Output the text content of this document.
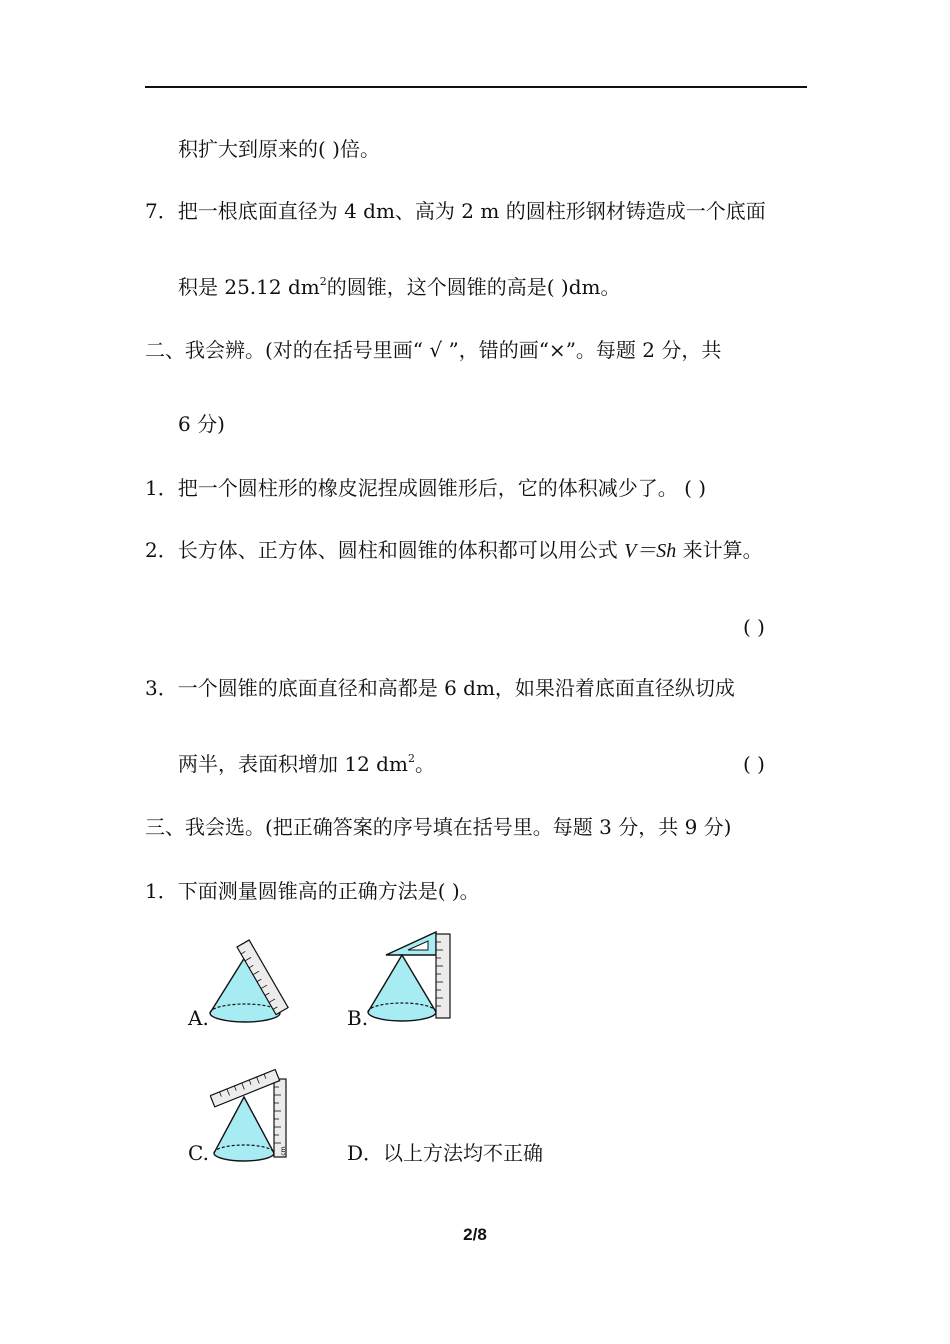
积扩大到原来的( )倍。
7．把一根底面直径为 4 dm、高为 2 m 的圆柱形钢材铸造成一个底面
积是 25.12 $dm^2$的圆锥，这个圆锥的高是( )dm。
二、我会辨。(对的在括号里画“ √ ”，错的画“×”。每题 2 分，共
6 分)
1．把一个圆柱形的橡皮泥捏成圆锥形后，它的体积减少了。 ( )
2．长方体、正方体、圆柱和圆锥的体积都可以用公式 V＝Sh 来计算。
( )
3．一个圆锥的底面直径和高都是 6 dm，如果沿着底面直径纵切成
两半，表面积增加 12 $dm^2$。	( )
三、我会选。(把正确答案的序号填在括号里。每题 3 分，共 9 分)
1．下面测量圆锥高的正确方法是( )。
A.	B.
cm
C.	D．以上方法均不正确
2/8
